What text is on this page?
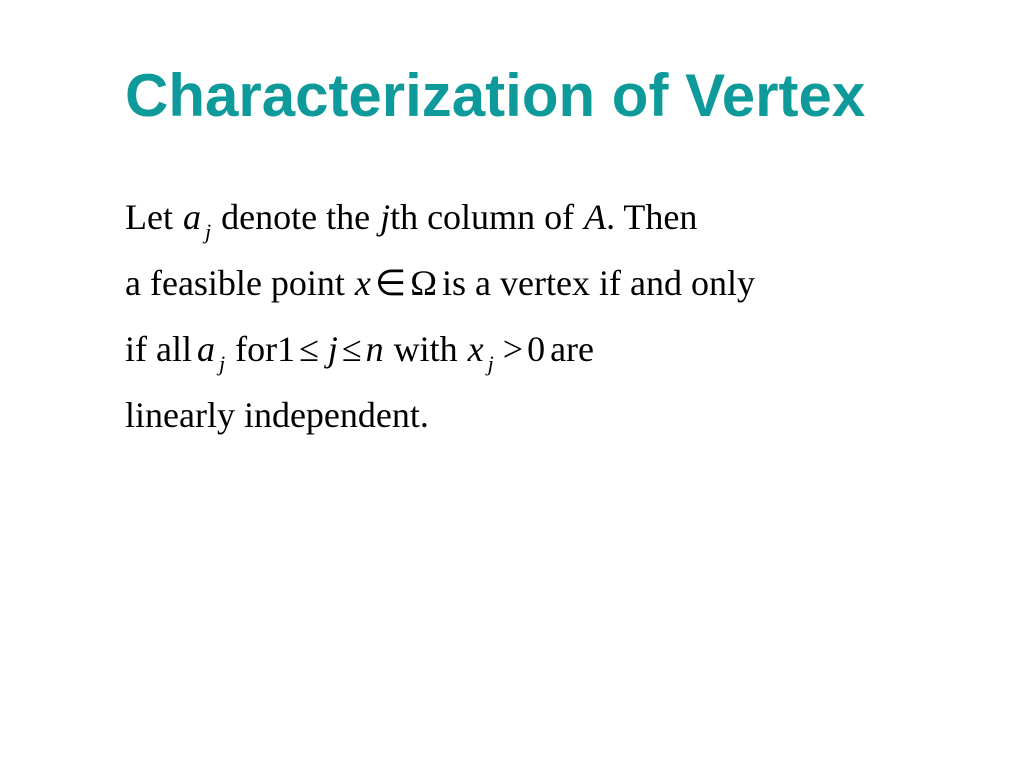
Characterization of Vertex
Let a $_j$ denote the jth column of A. Then
a feasible point x ∈ Ω is a vertex if and only
if all a $_j$ for1 ≤ j ≤ n with x $_j$ > 0 are
linearly independent.
